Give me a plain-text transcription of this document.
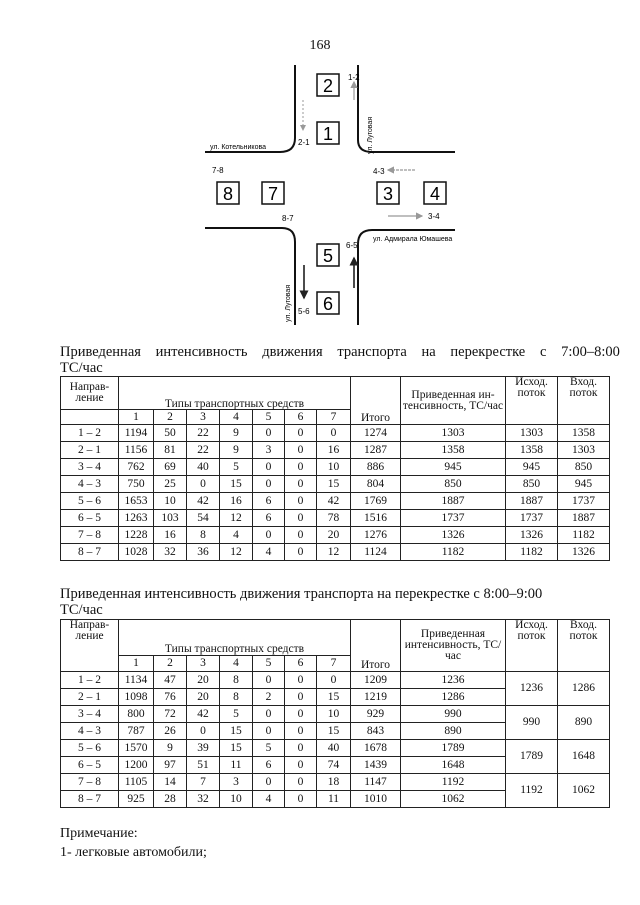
168
ул. Котельникова	ул. Луговая
ул. Адмирала Юмашева
ул. Луговая
2
1
8 7	3 4
5
6
1-2
2-1
7-8
8-7
4-3
3-4
6-5
5-6
Приведенная интенсивность движения транспорта на перекрестке с 7:00–8:00
ТС/час
Направ-ление	Типы транспортных средств							Итого	Приведенная ин-тенсивность, ТС/час	Исход. поток	Вход. поток

	1	2	3	4	5	6	7				
1 – 2	1194	50	22	9	0	0	0	1274	1303	1303	1358
2 – 1	1156	81	22	9	3	0	16	1287	1358	1358	1303
3 – 4	762	69	40	5	0	0	10	886	945	945	850
4 – 3	750	25	0	15	0	0	15	804	850	850	945
5 – 6	1653	10	42	16	6	0	42	1769	1887	1887	1737
6 – 5	1263	103	54	12	6	0	78	1516	1737	1737	1887
7 – 8	1228	16	8	4	0	0	20	1276	1326	1326	1182
8 – 7	1028	32	36	12	4	0	12	1124	1182	1182	1326
Приведенная интенсивность движения транспорта на перекрестке с 8:00–9:00
ТС/час
Направ-ление	Типы транспортных средств							Итого	Приведенная интенсивность, ТС/час	Исход. поток	Вход. поток
	1	2	3	4	5	6	7				
1 – 2	1134	47	20	8	0	0	0	1209	1236	1236	1286
2 – 1	1098	76	20	8	2	0	15	1219	1286		
3 – 4	800	72	42	5	0	0	10	929	990	990	890
4 – 3	787	26	0	15	0	0	15	843	890		
5 – 6	1570	9	39	15	5	0	40	1678	1789	1789	1648
6 – 5	1200	97	51	11	6	0	74	1439	1648		
7 – 8	1105	14	7	3	0	0	18	1147	1192	1192	1062
8 – 7	925	28	32	10	4	0	11	1010	1062		
Примечание:
1- легковые автомобили;
